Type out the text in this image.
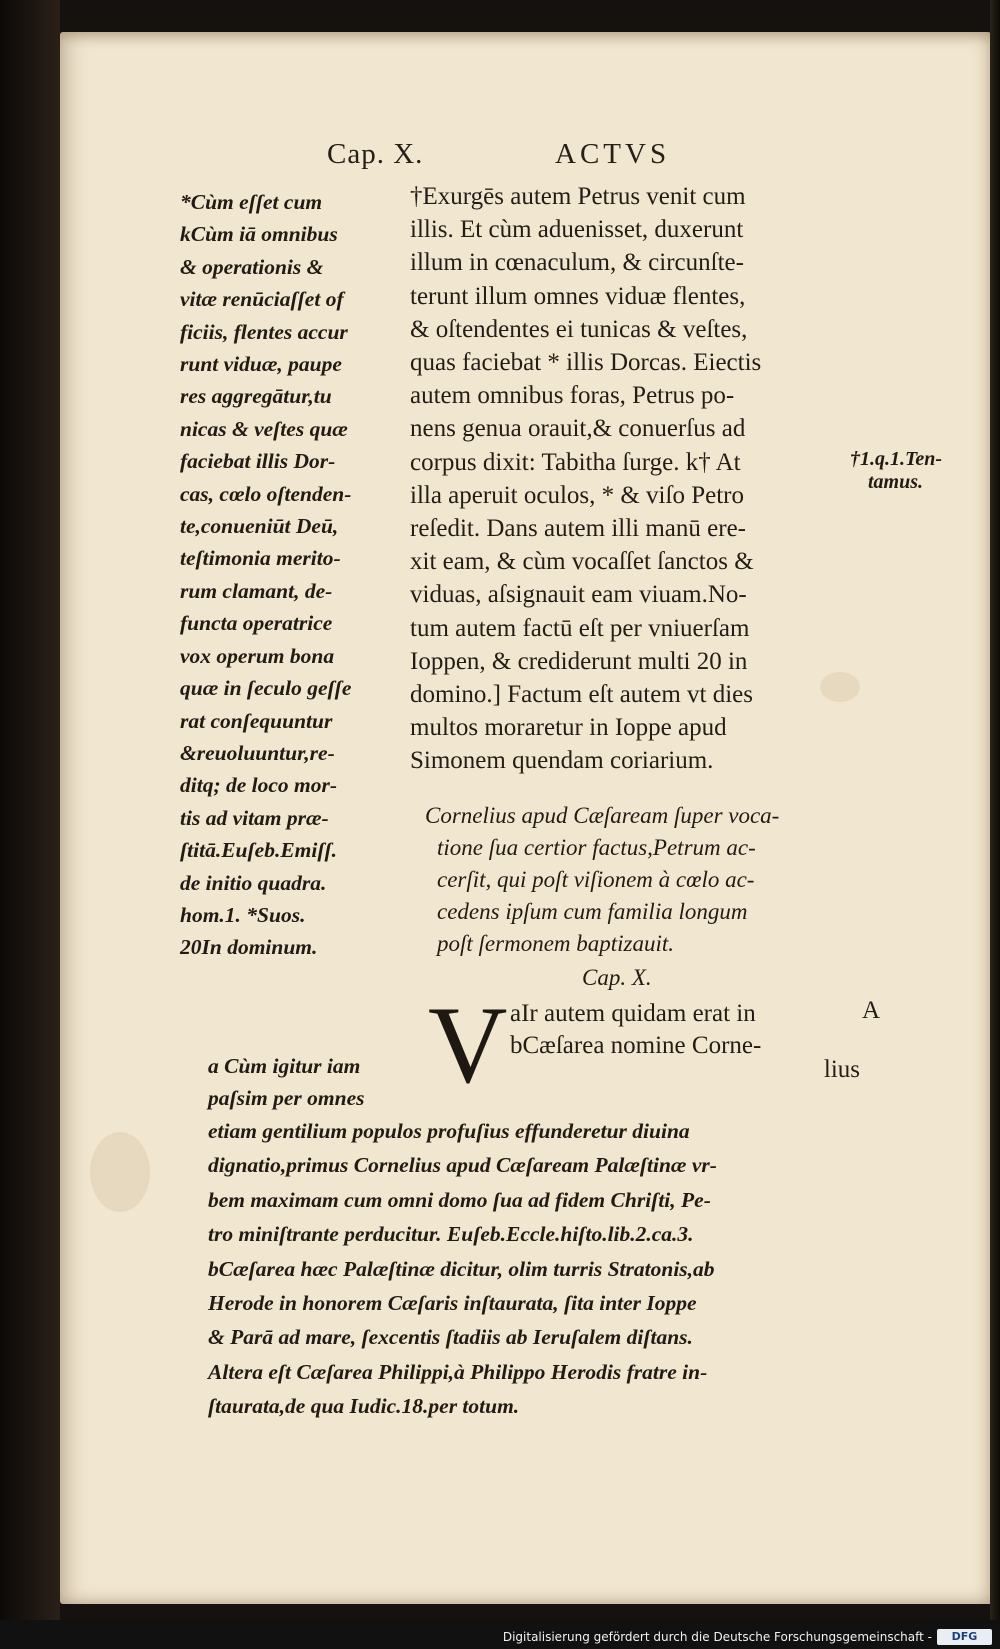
Cap. X.	ACTVS
*Cùm eſſet cum
kCùm iā omnibus
& operationis &
vitæ renūciaſſet of
ficiis, flentes accur
runt viduæ, paupe
res aggregātur,tu
nicas & veſtes quæ
faciebat illis Dor-
cas, cœlo oſtenden-
te,conueniūt Deū,
teſtimonia merito-
rum clamant, de-
functa operatrice
vox operum bona
quæ in ſeculo geſſe
rat conſequuntur
&reuoluuntur,re-
ditq; de loco mor-
tis ad vitam præ-
ſtitā.Euſeb.Emiſſ.
de initio quadra.
hom.1. *Suos.
20In dominum.
†Exurgēs autem Petrus venit cum
illis. Et cùm aduenisset, duxerunt
illum in cœnaculum, & circunſte-
terunt illum omnes viduæ flentes,
& oſtendentes ei tunicas & veſtes,
quas faciebat * illis Dorcas. Eiectis
autem omnibus foras, Petrus po-
nens genua orauit,& conuerſus ad
corpus dixit: Tabitha ſurge. k† At
illa aperuit oculos, * & viſo Petro
reſedit. Dans autem illi manū ere-
xit eam, & cùm vocaſſet ſanctos &
viduas, aſsignauit eam viuam.No-
tum autem factū eſt per vniuerſam
Ioppen, & crediderunt multi 20 in
domino.] Factum eſt autem vt dies
multos moraretur in Ioppe apud
Simonem quendam coriarium.
†1.q.1.Ten-
tamus.
Cornelius apud Cæſaream ſuper voca-
tione ſua certior factus,Petrum ac-
cerſit, qui poſt viſionem à cœlo ac-
cedens ipſum cum familia longum
poſt ſermonem baptizauit.
Cap. X.
V aIr autem quidam erat in
bCæſarea nomine Corne-
lius
A
a Cùm igitur iam
paſsim per omnes
etiam gentilium populos profuſius effunderetur diuina
dignatio,primus Cornelius apud Cæſaream Palæſtinæ vr-
bem maximam cum omni domo ſua ad fidem Chriſti, Pe-
tro miniſtrante perducitur. Euſeb.Eccle.hiſto.lib.2.ca.3.
bCæſarea hæc Palæſtinæ dicitur, olim turris Stratonis,ab
Herode in honorem Cæſaris inſtaurata, ſita inter Ioppe
& Parā ad mare, ſexcentis ſtadiis ab Ieruſalem diſtans.
Altera eſt Cæſarea Philippi,à Philippo Herodis fratre in-
ſtaurata,de qua Iudic.18.per totum.
Digitalisierung gefördert durch die Deutsche Forschungsgemeinschaft -	DFG
